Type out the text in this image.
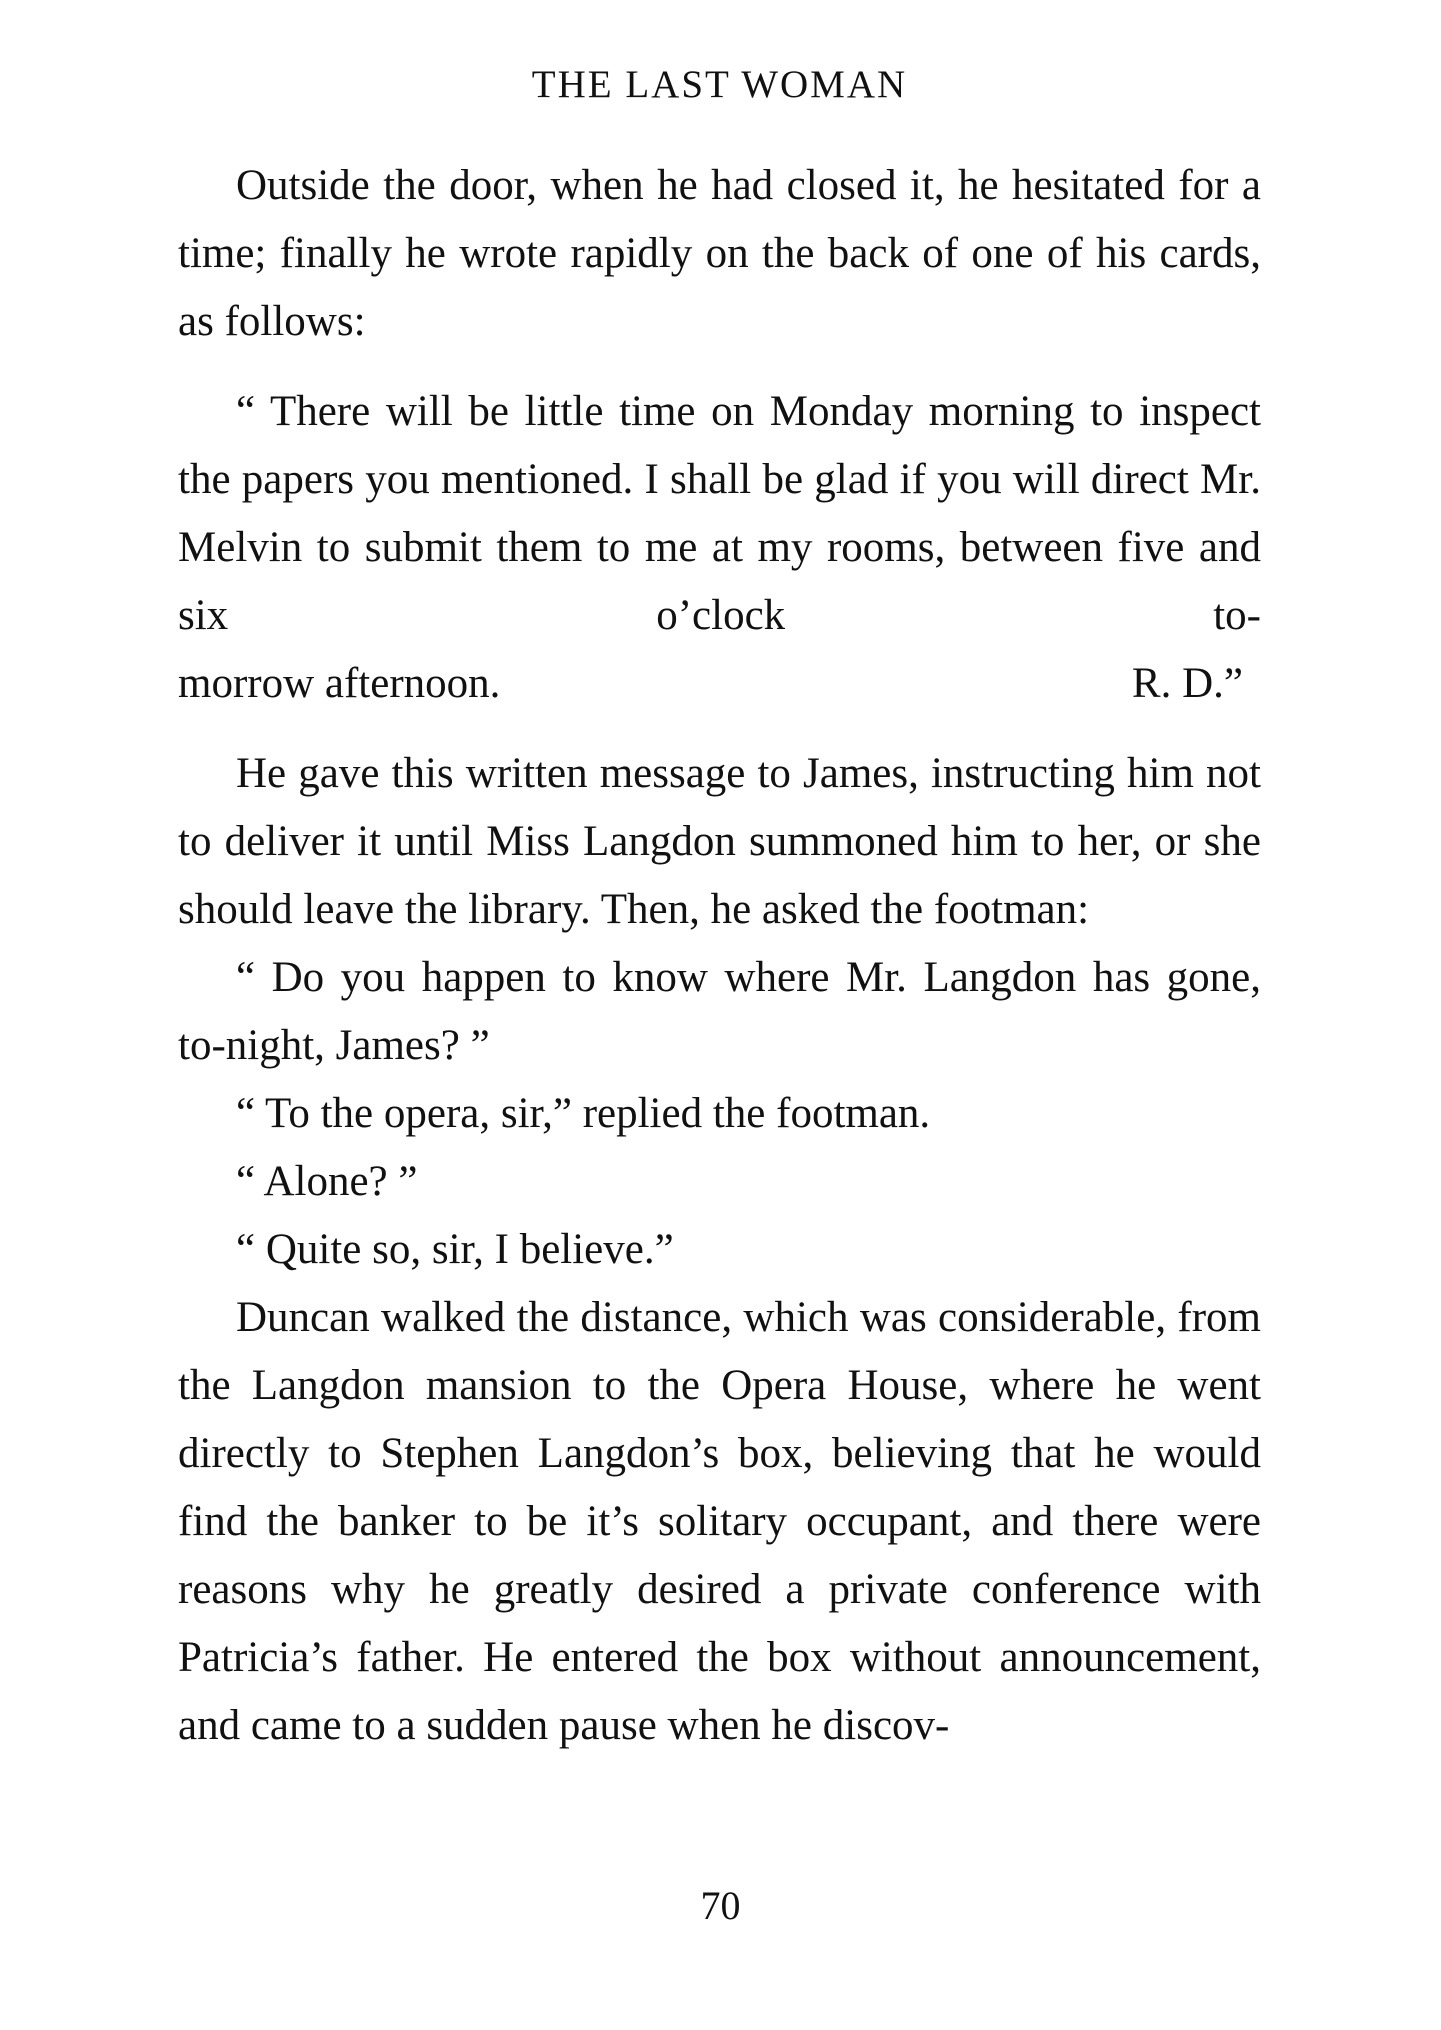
THE LAST WOMAN

Outside the door, when he had closed it, he hesitated for a time; finally he wrote rapidly on the back of one of his cards, as follows:

“ There will be little time on Monday morning to inspect the papers you mentioned. I shall be glad if you will direct Mr. Melvin to submit them to me at my rooms, between five and six o’clock to-

morrow afternoon.	R. D.”

He gave this written message to James, instructing him not to deliver it until Miss Langdon summoned him to her, or she should leave the library. Then, he asked the footman:

“ Do you happen to know where Mr. Langdon has gone, to-night, James? ”

“ To the opera, sir,” replied the footman.

“ Alone? ”

“ Quite so, sir, I believe.”

Duncan walked the distance, which was considerable, from the Langdon mansion to the Opera House, where he went directly to Stephen Langdon’s box, believing that he would find the banker to be it’s solitary occupant, and there were reasons why he greatly desired a private conference with Patricia’s father. He entered the box without announcement, and came to a sudden pause when he discov-

70
